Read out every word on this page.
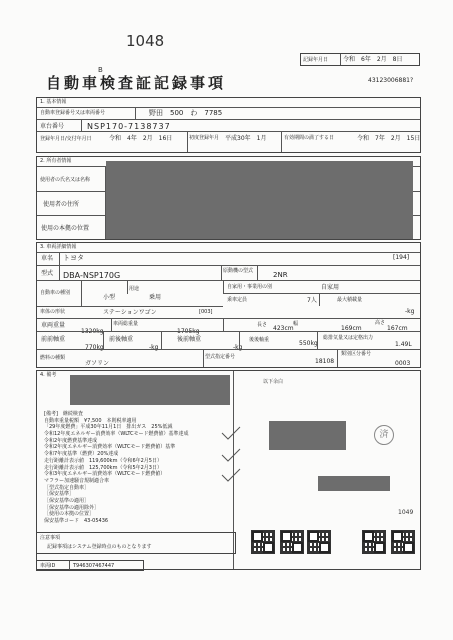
1048
B
自動車検査証記録事項
記録年月日 令和　6年　2月　8日
43123006881?
1. 基本情報
自動車登録番号又は車両番号	野田　500　わ　7785
車台番号	NSP170-7138737
登録年月日/交付年月日	令和　4年　2月　16日	初度登録年月 平成30年　1月	有効期間の満了する日	令和　7年　2月　15日
2. 所有者情報
使用者の氏名又は名称
使用者の住所
使用の本拠の位置
3. 車両詳細情報
車名 トヨタ	[194]
型式 DBA-NSP170G	原動機の型式	2NR
自動車の種別
小型
用途
乗用
自家用・事業用の別	自家用
乗車定員	7人	最大積載量
-kg
車体の形状	ステーションワゴン	[003]
車両重量
1320kg
車両総重量
1705kg
長さ 423cm
幅
169cm
高さ
167cm
前前軸重
770kg
前後軸重
-kg
後前軸重
-kg
後後軸重	550kg
総排気量又は定格出力
1.49L
燃料の種類
ガソリン
型式指定番号
18108
類別区分番号
0003
4. 備考
以下余白
[備考]　継続検査
自動車重量税額　¥7,500　本則税率適用
「29年度燃費」平成30年11月1日　排出ガス　25%低減
令和12年度エネルギー消費効率（WLTCモード燃費値）基準達成
令和2年度燃費基準達成
令和2年度エネルギー消費効率（WLTCモード燃費値）基準
令和7年度基準（燃費）20%達成
走行距離計表示値　119,600km（令和6年2月5日）
走行距離計表示値　125,700km（令和5年2月3日）
令和3年度エネルギー消費効率（WLTCモード燃費値）
マフラー加速騒音規制適合車
［型式指定自動車］
［保安基準］
［保安基準の適用］
［保安基準の適用除外］
［使用の本拠の位置］
保安基準コード　43-05436
済
1049
注意事項
記録事項はシステム登録時点のものとなります
車両ID	T946307467447
